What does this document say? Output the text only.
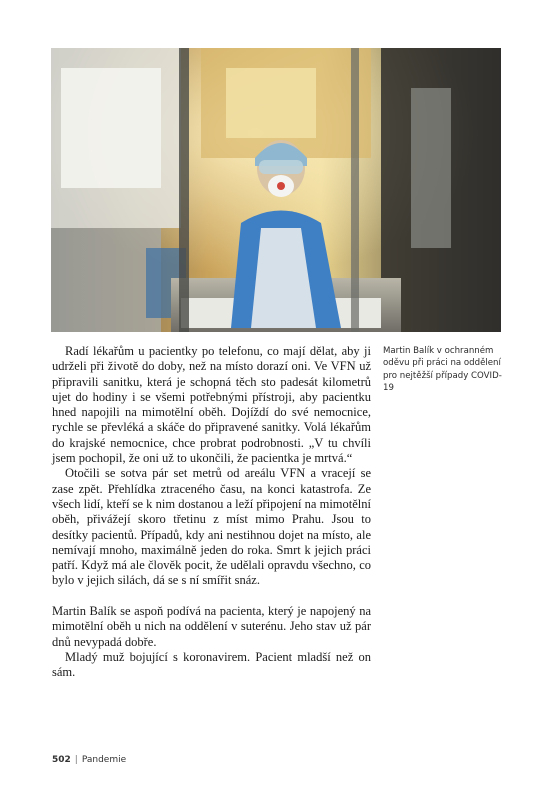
Martin Balík v ochranném oděvu při práci na oddělení pro nejtěžší případy COVID-19

Radí lékařům u pacientky po telefonu, co mají dělat, aby ji udrželi při životě do doby, než na místo dorazí oni. Ve VFN už připravili sanitku, která je schopná těch sto padesát kilometrů ujet do hodiny i se všemi potřebnými přístroji, aby pacientku hned napojili na mimotělní oběh. Dojíždí do své nemocnice, rychle se převléká a skáče do připravené sanitky. Volá lékařům do krajské nemocnice, chce probrat podrobnosti. „V tu chvíli jsem pochopil, že oni už to ukončili, že pacientka je mrtvá.“

Otočili se sotva pár set metrů od areálu VFN a vracejí se zase zpět. Přehlídka ztraceného času, na konci katastrofa. Ze všech lidí, kteří se k nim dostanou a leží připojení na mimotělní oběh, přivážejí skoro třetinu z míst mimo Prahu. Jsou to desítky pacientů. Případů, kdy ani nestihnou dojet na místo, ale nemívají mnoho, maximálně jeden do roka. Smrt k jejich práci patří. Když má ale člověk pocit, že udělali opravdu všechno, co bylo v jejich silách, dá se s ní smířit snáz.

Martin Balík se aspoň podívá na pacienta, který je napojený na mimotělní oběh u nich na oddělení v suterénu. Jeho stav už pár dnů nevypadá dobře.

Mladý muž bojující s koronavirem. Pacient mladší než on sám.

502 | Pandemie
